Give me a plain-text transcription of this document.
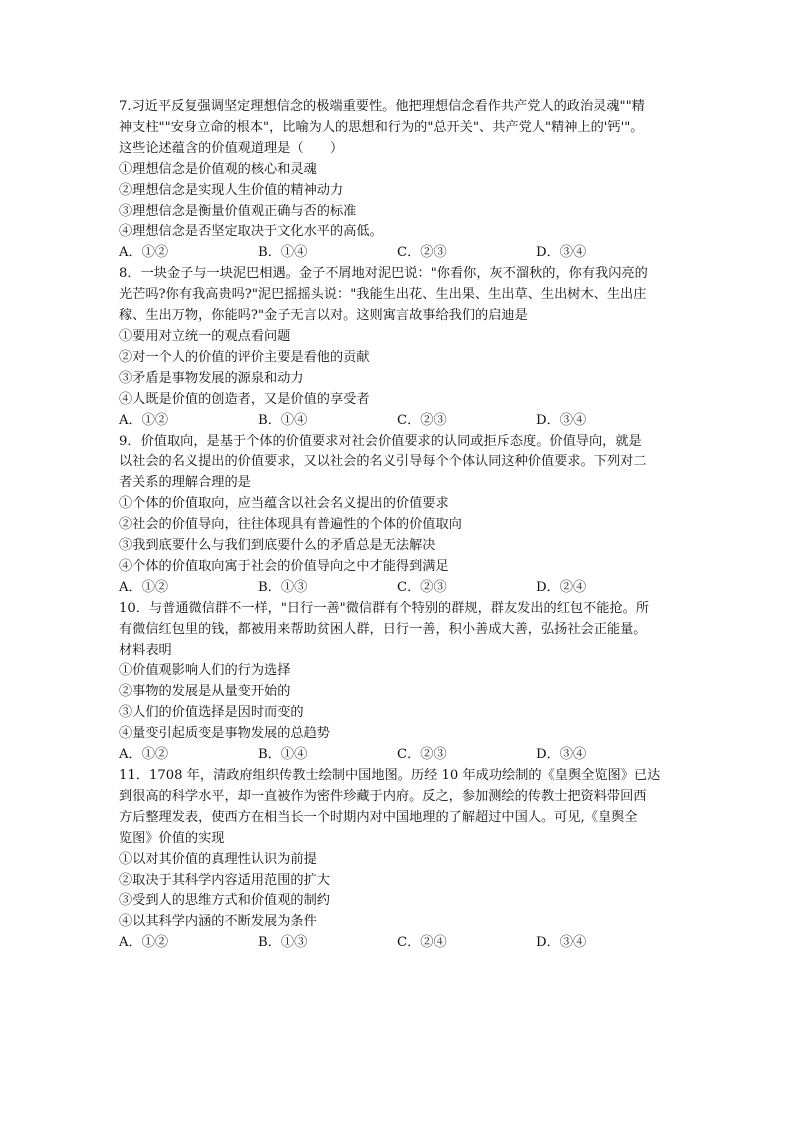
7.习近平反复强调坚定理想信念的极端重要性。他把理想信念看作共产党人的政治灵魂""精
神支柱""安身立命的根本"，比喻为人的思想和行为的"总开关"、共产党人"精神上的'钙'"。
这些论述蕴含的价值观道理是（　　）
①理想信念是价值观的核心和灵魂
②理想信念是实现人生价值的精神动力
③理想信念是衡量价值观正确与否的标准
④理想信念是否坚定取决于文化水平的高低。
A．①②	B．①④	C．②③	D．③④
8．一块金子与一块泥巴相遇。金子不屑地对泥巴说："你看你，灰不溜秋的，你有我闪亮的
光芒吗?你有我高贵吗?"泥巴摇摇头说："我能生出花、生出果、生出草、生出树木、生出庄
稼、生出万物，你能吗?"金子无言以对。这则寓言故事给我们的启迪是
①要用对立统一的观点看问题
②对一个人的价值的评价主要是看他的贡献
③矛盾是事物发展的源泉和动力
④人既是价值的创造者，又是价值的享受者
A．①②	B．①④	C．②③	D．③④
9．价值取向，是基于个体的价值要求对社会价值要求的认同或拒斥态度。价值导向，就是
以社会的名义提出的价值要求，又以社会的名义引导每个个体认同这种价值要求。下列对二
者关系的理解合理的是
①个体的价值取向，应当蕴含以社会名义提出的价值要求
②社会的价值导向，往往体现具有普遍性的个体的价值取向
③我到底要什么与我们到底要什么的矛盾总是无法解决
④个体的价值取向寓于社会的价值导向之中才能得到满足
A．①②	B．①③	C．②③	D．②④
10．与普通微信群不一样，"日行一善"微信群有个特别的群规，群友发出的红包不能抢。所
有微信红包里的钱，都被用来帮助贫困人群，日行一善，积小善成大善，弘扬社会正能量。
材料表明
①价值观影响人们的行为选择
②事物的发展是从量变开始的
③人们的价值选择是因时而变的
④量变引起质变是事物发展的总趋势
A．①②	B．①④	C．②③	D．③④
11．1708 年，清政府组织传教士绘制中国地图。历经 10 年成功绘制的《皇舆全览图》已达
到很高的科学水平，却一直被作为密件珍藏于内府。反之，参加测绘的传教士把资料带回西
方后整理发表，使西方在相当长一个时期内对中国地理的了解超过中国人。可见,《皇舆全
览图》价值的实现
①以对其价值的真理性认识为前提
②取决于其科学内容适用范围的扩大
③受到人的思维方式和价值观的制约
④以其科学内涵的不断发展为条件
A．①②	B．①③	C．②④	D．③④
